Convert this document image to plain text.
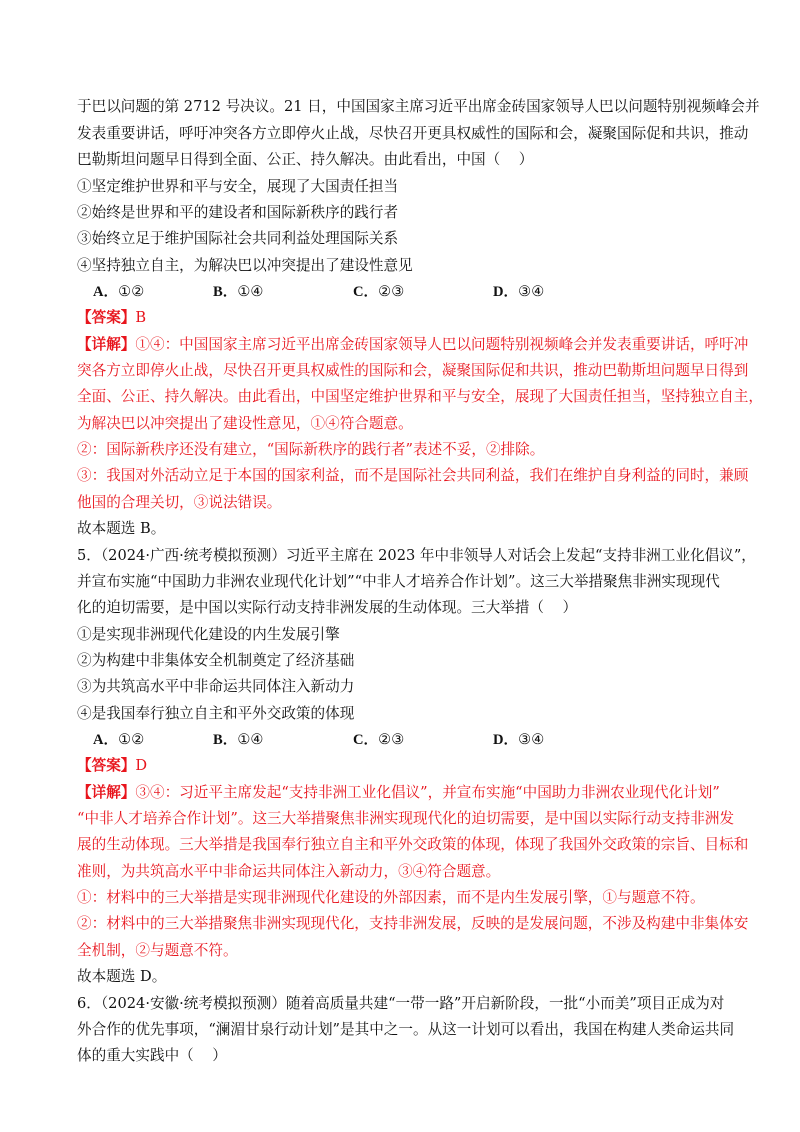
于巴以问题的第 2712 号决议。21 日，中国国家主席习近平出席金砖国家领导人巴以问题特别视频峰会并
发表重要讲话，呼吁冲突各方立即停火止战，尽快召开更具权威性的国际和会，凝聚国际促和共识，推动
巴勒斯坦问题早日得到全面、公正、持久解决。由此看出，中国（    ）
①坚定维护世界和平与安全，展现了大国责任担当
②始终是世界和平的建设者和国际新秩序的践行者
③始终立足于维护国际社会共同利益处理国际关系
④坚持独立自主，为解决巴以冲突提出了建设性意见
A．①②	B．①④	C．②③	D．③④
【答案】B
【详解】①④：中国国家主席习近平出席金砖国家领导人巴以问题特别视频峰会并发表重要讲话，呼吁冲
突各方立即停火止战，尽快召开更具权威性的国际和会，凝聚国际促和共识，推动巴勒斯坦问题早日得到
全面、公正、持久解决。由此看出，中国坚定维护世界和平与安全，展现了大国责任担当，坚持独立自主，
为解决巴以冲突提出了建设性意见，①④符合题意。
②：国际新秩序还没有建立，“国际新秩序的践行者”表述不妥，②排除。
③：我国对外活动立足于本国的国家利益，而不是国际社会共同利益，我们在维护自身利益的同时，兼顾
他国的合理关切，③说法错误。
故本题选 B。
5．（2024·广西·统考模拟预测）习近平主席在 2023 年中非领导人对话会上发起“支持非洲工业化倡议”，
并宣布实施“中国助力非洲农业现代化计划”“中非人才培养合作计划”。这三大举措聚焦非洲实现现代
化的迫切需要，是中国以实际行动支持非洲发展的生动体现。三大举措（    ）
①是实现非洲现代化建设的内生发展引擎
②为构建中非集体安全机制奠定了经济基础
③为共筑高水平中非命运共同体注入新动力
④是我国奉行独立自主和平外交政策的体现
A．①②	B．①④	C．②③	D．③④
【答案】D
【详解】③④：习近平主席发起“支持非洲工业化倡议”，并宣布实施“中国助力非洲农业现代化计划”
“中非人才培养合作计划”。这三大举措聚焦非洲实现现代化的迫切需要，是中国以实际行动支持非洲发
展的生动体现。三大举措是我国奉行独立自主和平外交政策的体现，体现了我国外交政策的宗旨、目标和
准则，为共筑高水平中非命运共同体注入新动力，③④符合题意。
①：材料中的三大举措是实现非洲现代化建设的外部因素，而不是内生发展引擎，①与题意不符。
②：材料中的三大举措聚焦非洲实现现代化，支持非洲发展，反映的是发展问题，不涉及构建中非集体安
全机制，②与题意不符。
故本题选 D。
6．（2024·安徽·统考模拟预测）随着高质量共建“一带一路”开启新阶段，一批“小而美”项目正成为对
外合作的优先事项，“澜湄甘泉行动计划”是其中之一。从这一计划可以看出，我国在构建人类命运共同
体的重大实践中（    ）
